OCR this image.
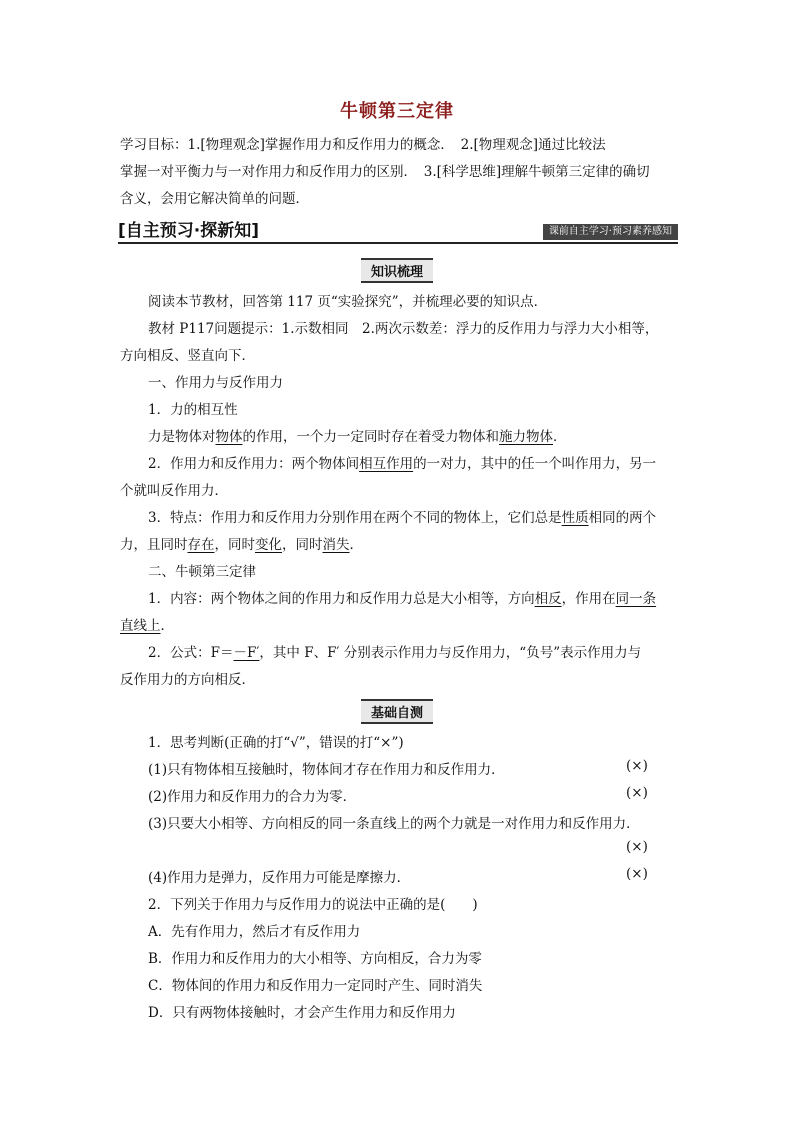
牛顿第三定律
学习目标：1.[物理观念]掌握作用力和反作用力的概念．　2.[物理观念]通过比较法
掌握一对平衡力与一对作用力和反作用力的区别．　3.[科学思维]理解牛顿第三定律的确切
含义，会用它解决简单的问题．
[自主预习·探新知]	课前自主学习·预习素养感知
知识梳理
阅读本节教材，回答第 117 页“实验探究”，并梳理必要的知识点．
教材 P117问题提示：1.示数相同　2.两次示数差：浮力的反作用力与浮力大小相等，
方向相反、竖直向下．
一、作用力与反作用力
1．力的相互性
力是物体对物体的作用，一个力一定同时存在着受力物体和施力物体．
2．作用力和反作用力：两个物体间相互作用的一对力，其中的任一个叫作用力，另一
个就叫反作用力．
3．特点：作用力和反作用力分别作用在两个不同的物体上，它们总是性质相同的两个
力，且同时存在，同时变化，同时消失．
二、牛顿第三定律
1．内容：两个物体之间的作用力和反作用力总是大小相等，方向相反，作用在同一条
直线上．
2．公式：F＝－F′，其中 F、F′ 分别表示作用力与反作用力，“负号”表示作用力与
反作用力的方向相反．
基础自测
1．思考判断(正确的打“√”，错误的打“×”)
(1)只有物体相互接触时，物体间才存在作用力和反作用力．	(×)
(2)作用力和反作用力的合力为零．	(×)
(3)只要大小相等、方向相反的同一条直线上的两个力就是一对作用力和反作用力．
(×)
(4)作用力是弹力，反作用力可能是摩擦力．	(×)
2．下列关于作用力与反作用力的说法中正确的是(　　)
A．先有作用力，然后才有反作用力
B．作用力和反作用力的大小相等、方向相反，合力为零
C．物体间的作用力和反作用力一定同时产生、同时消失
D．只有两物体接触时，才会产生作用力和反作用力
